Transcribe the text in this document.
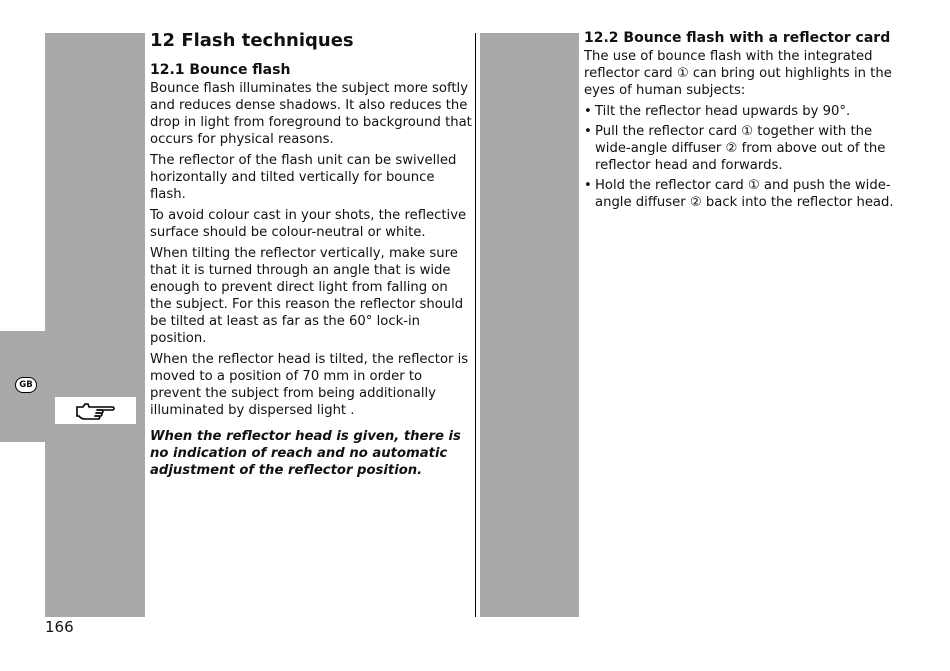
GB
12 Flash techniques
12.1 Bounce flash

Bounce flash illuminates the subject more softly and reduces dense shadows. It also reduces the drop in light from foreground to background that occurs for physical reasons.

The reflector of the flash unit can be swivelled horizontally and tilted vertically for bounce flash.

To avoid colour cast in your shots, the reflective surface should be colour-neutral or white.

When tilting the reflector vertically, make sure that it is turned through an angle that is wide enough to prevent direct light from falling on the subject. For this reason the reflector should be tilted at least as far as the 60° lock-in position.

When the reflector head is tilted, the reflector is moved to a position of 70 mm in order to prevent the subject from being additionally illuminated by dispersed light .

When the reflector head is given, there is no indication of reach and no automatic adjustment of the reflector position.

12.2 Bounce flash with a reflector card

The use of bounce flash with the integrated reflector card ① can bring out highlights in the eyes of human subjects:

• Tilt the reflector head upwards by 90°.
• Pull the reflector card ① together with the wide-angle diffuser ② from above out of the reflector head and forwards.
• Hold the reflector card ① and push the wide-angle diffuser ② back into the reflector head.
166
